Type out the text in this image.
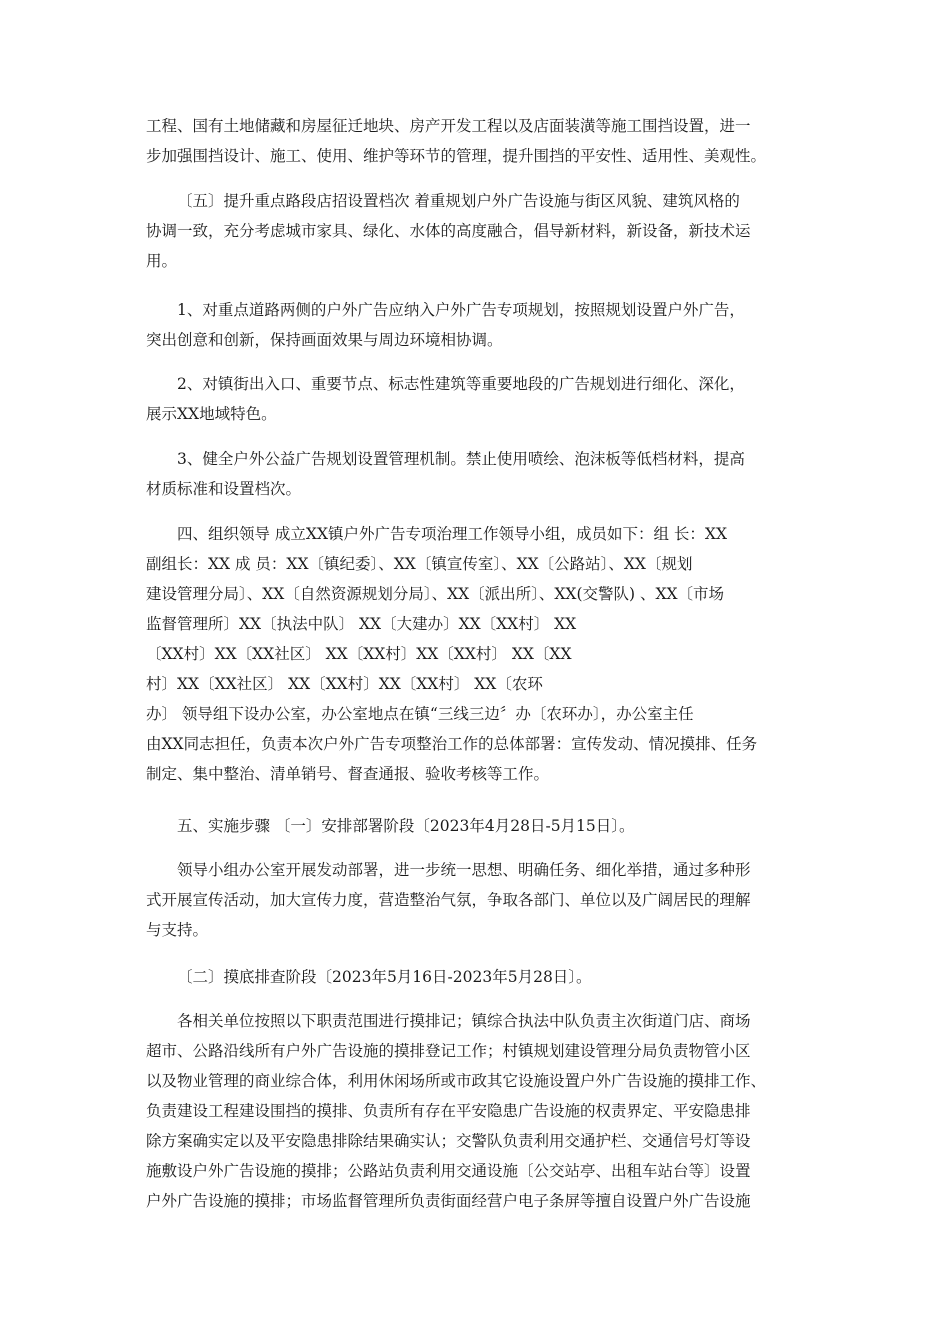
工程、国有土地储藏和房屋征迁地块、房产开发工程以及店面装潢等施工围挡设置，进一
步加强围挡设计、施工、使用、维护等环节的管理，提升围挡的平安性、适用性、美观性。
〔五〕提升重点路段店招设置档次 着重规划户外广告设施与街区风貌、建筑风格的
协调一致，充分考虑城市家具、绿化、水体的高度融合，倡导新材料，新设备，新技术运
用。
1、对重点道路两侧的户外广告应纳入户外广告专项规划，按照规划设置户外广告，
突出创意和创新，保持画面效果与周边环境相协调。
2、对镇街出入口、重要节点、标志性建筑等重要地段的广告规划进行细化、深化，
展示XX地域特色。
3、健全户外公益广告规划设置管理机制。禁止使用喷绘、泡沫板等低档材料，提高
材质标准和设置档次。
四、组织领导 成立XX镇户外广告专项治理工作领导小组，成员如下：组 长：XX
副组长：XX 成 员：XX〔镇纪委〕、XX〔镇宣传室〕、XX〔公路站〕、XX〔规划
建设管理分局〕、XX〔自然资源规划分局〕、XX〔派出所〕、XX(交警队) 、XX〔市场
监督管理所〕XX〔执法中队〕 XX〔大建办〕XX〔XX村〕 XX
〔XX村〕XX〔XX社区〕 XX〔XX村〕XX〔XX村〕 XX〔XX
村〕XX〔XX社区〕 XX〔XX村〕XX〔XX村〕 XX〔农环
办〕 领导组下设办公室，办公室地点在镇“三线三边〞办〔农环办〕，办公室主任
由XX同志担任，负责本次户外广告专项整治工作的总体部署：宣传发动、情况摸排、任务
制定、集中整治、清单销号、督查通报、验收考核等工作。
五、实施步骤 〔一〕安排部署阶段〔2023年4月28日-5月15日〕。
领导小组办公室开展发动部署，进一步统一思想、明确任务、细化举措，通过多种形
式开展宣传活动，加大宣传力度，营造整治气氛，争取各部门、单位以及广阔居民的理解
与支持。
〔二〕摸底排查阶段〔2023年5月16日-2023年5月28日〕。
各相关单位按照以下职责范围进行摸排记；镇综合执法中队负责主次街道门店、商场
超市、公路沿线所有户外广告设施的摸排登记工作；村镇规划建设管理分局负责物管小区
以及物业管理的商业综合体，利用休闲场所或市政其它设施设置户外广告设施的摸排工作、
负责建设工程建设围挡的摸排、负责所有存在平安隐患广告设施的权责界定、平安隐患排
除方案确实定以及平安隐患排除结果确实认；交警队负责利用交通护栏、交通信号灯等设
施敷设户外广告设施的摸排；公路站负责利用交通设施〔公交站亭、出租车站台等〕设置
户外广告设施的摸排；市场监督管理所负责街面经营户电子条屏等擅自设置户外广告设施
